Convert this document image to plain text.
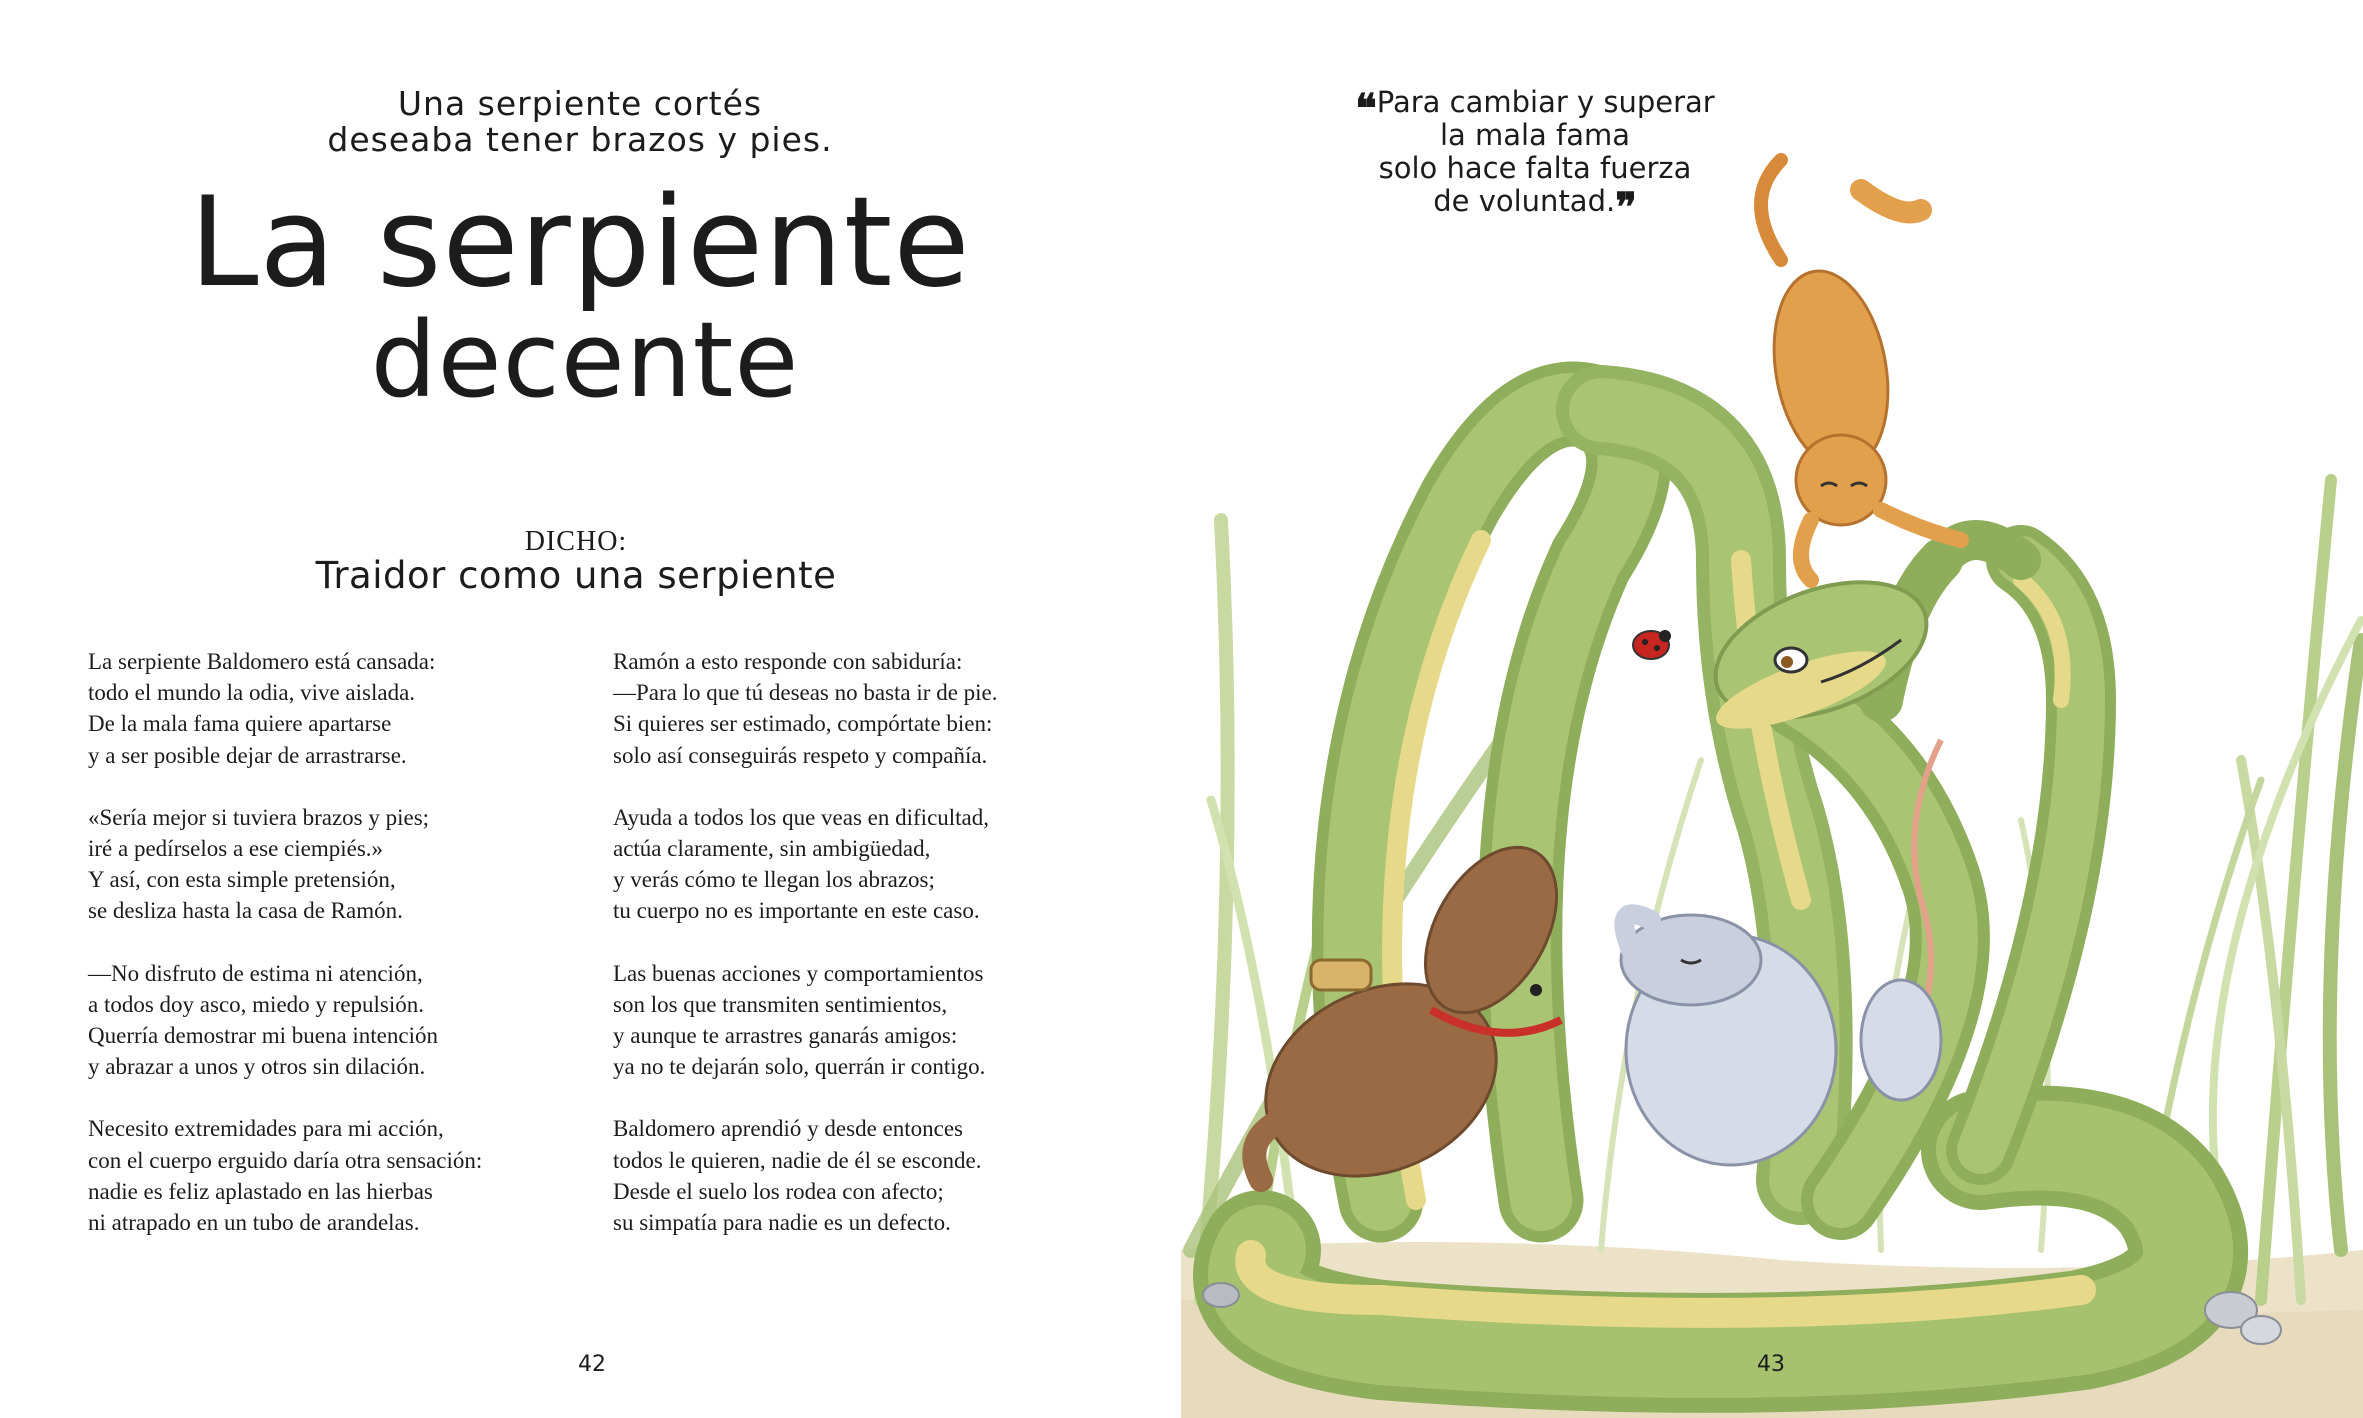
Una serpiente cortés
deseaba tener brazos y pies.
La serpiente
decente
DICHO:
Traidor como una serpiente
La serpiente Baldomero está cansada:
todo el mundo la odia, vive aislada.
De la mala fama quiere apartarse
y a ser posible dejar de arrastrarse.
«Sería mejor si tuviera brazos y pies;
iré a pedírselos a ese ciempiés.»
Y así, con esta simple pretensión,
se desliza hasta la casa de Ramón.
—No disfruto de estima ni atención,
a todos doy asco, miedo y repulsión.
Querría demostrar mi buena intención
y abrazar a unos y otros sin dilación.
Necesito extremidades para mi acción,
con el cuerpo erguido daría otra sensación:
nadie es feliz aplastado en las hierbas
ni atrapado en un tubo de arandelas.
Ramón a esto responde con sabiduría:
—Para lo que tú deseas no basta ir de pie.
Si quieres ser estimado, compórtate bien:
solo así conseguirás respeto y compañía.
Ayuda a todos los que veas en dificultad,
actúa claramente, sin ambigüedad,
y verás cómo te llegan los abrazos;
tu cuerpo no es importante en este caso.
Las buenas acciones y comportamientos
son los que transmiten sentimientos,
y aunque te arrastres ganarás amigos:
ya no te dejarán solo, querrán ir contigo.
Baldomero aprendió y desde entonces
todos le quieren, nadie de él se esconde.
Desde el suelo los rodea con afecto;
su simpatía para nadie es un defecto.
42
❝Para cambiar y superar
la mala fama
solo hace falta fuerza
de voluntad.❞
43
